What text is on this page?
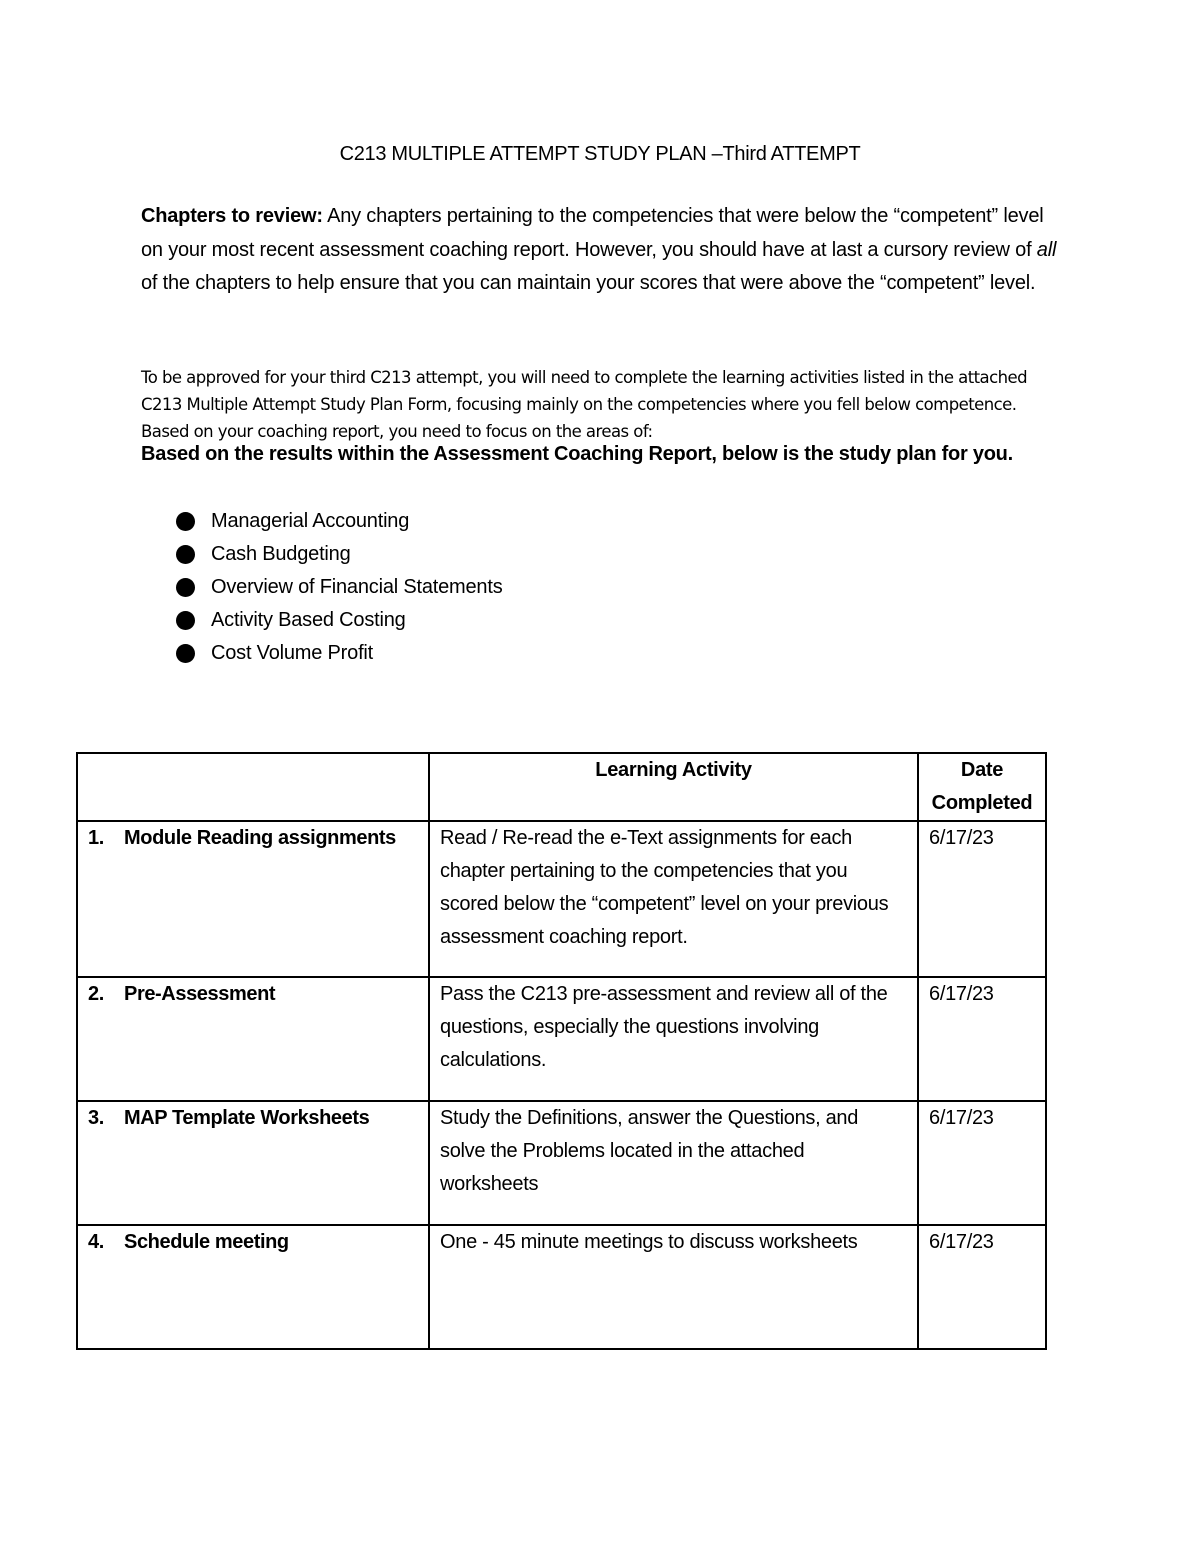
C213 MULTIPLE ATTEMPT STUDY PLAN –Third ATTEMPT
Chapters to review: Any chapters pertaining to the competencies that were below the “competent” level on your most recent assessment coaching report. However, you should have at last a cursory review of all of the chapters to help ensure that you can maintain your scores that were above the “competent” level.
To be approved for your third C213 attempt, you will need to complete the learning activities listed in the attached C213 Multiple Attempt Study Plan Form, focusing mainly on the competencies where you fell below competence. Based on your coaching report, you need to focus on the areas of:
Based on the results within the Assessment Coaching Report, below is the study plan for you.
Managerial Accounting
Cash Budgeting
Overview of Financial Statements
Activity Based Costing
Cost Volume Profit
	Learning Activity	Date Completed

1. Module Reading assignments	Read / Re-read the e-Text assignments for each chapter pertaining to the competencies that you scored below the “competent” level on your previous assessment coaching report.	6/17/23

2. Pre-Assessment	Pass the C213 pre-assessment and review all of the questions, especially the questions involving calculations.	6/17/23

3. MAP Template Worksheets	Study the Definitions, answer the Questions, and solve the Problems located in the attached worksheets	6/17/23

4. Schedule meeting	One - 45 minute meetings to discuss worksheets	6/17/23
